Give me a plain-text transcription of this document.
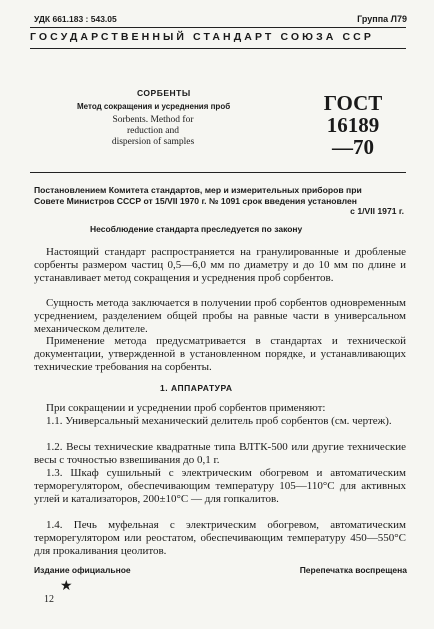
УДК 661.183 : 543.05	Группа Л79
ГОСУДАРСТВЕННЫЙ СТАНДАРТ СОЮЗА ССР
СОРБЕНТЫ
Метод сокращения и усреднения проб
Sorbents. Method for reduction and dispersion of samples
ГОСТ 16189—70
Постановлением Комитета стандартов, мер и измерительных приборов при
Совете Министров СССР от 15/VII 1970 г. № 1091 срок введения установлен
с 1/VII 1971 г.
Несоблюдение стандарта преследуется по закону
Настоящий стандарт распространяется на гранулированные и дробленые сорбенты размером частиц 0,5—6,0 мм по диаметру и до 10 мм по длине и устанавливает метод сокращения и усреднения проб сорбентов.
Сущность метода заключается в получении проб сорбентов одновременным усреднением, разделением общей пробы на равные части в универсальном механическом делителе.
Применение метода предусматривается в стандартах и технической документации, утвержденной в установленном порядке, и устанавливающих технические требования на сорбенты.
1. АППАРАТУРА
При сокращении и усреднении проб сорбентов применяют:
1.1. Универсальный механический делитель проб сорбентов (см. чертеж).
1.2. Весы технические квадратные типа ВЛТК-500 или другие технические весы с точностью взвешивания до 0,1 г.
1.3. Шкаф сушильный с электрическим обогревом и автоматическим терморегулятором, обеспечивающим температуру 105—110°С для активных углей и катализаторов, 200±10°С — для гопкалитов.
1.4. Печь муфельная с электрическим обогревом, автоматическим терморегулятором или реостатом, обеспечивающим температуру 450—550°С для прокаливания цеолитов.
Издание официальное	Перепечатка воспрещена
★
12
